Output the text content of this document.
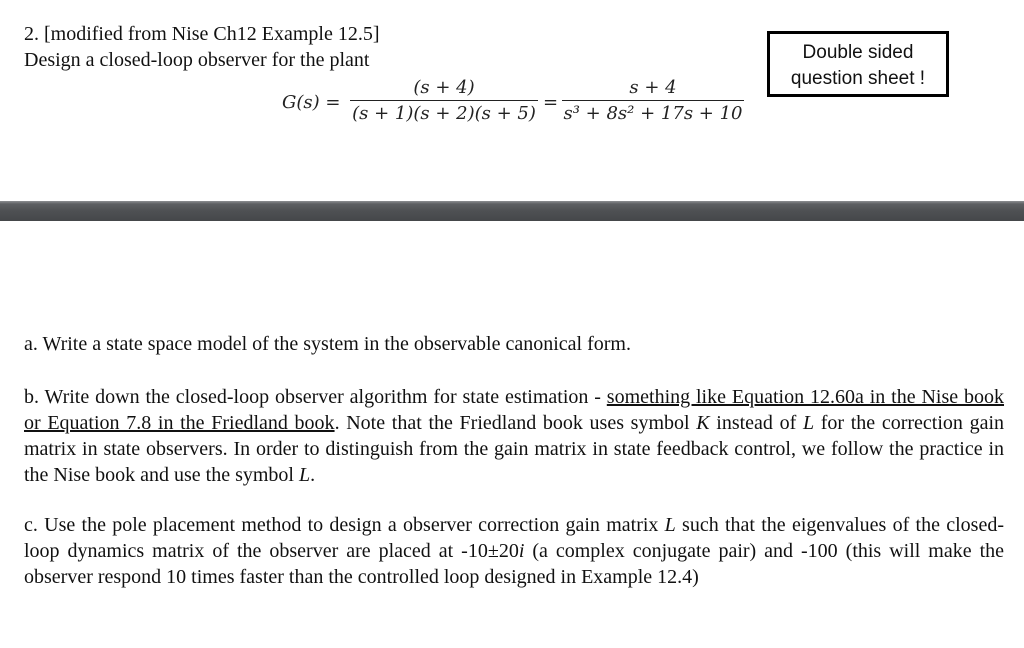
2. [modified from Nise Ch12 Example 12.5]
Design a closed-loop observer for the plant
G(s) =
(s + 4)
(s + 1)(s + 2)(s + 5)
=
s + 4
s³ + 8s² + 17s + 10
Double sided
question sheet !
a. Write a state space model of the system in the observable canonical form.
b. Write down the closed-loop observer algorithm for state estimation - something like Equation 12.60a in the Nise book or Equation 7.8 in the Friedland book. Note that the Friedland book uses symbol K instead of L for the correction gain matrix in state observers. In order to distinguish from the gain matrix in state feedback control, we follow the practice in the Nise book and use the symbol L.
c. Use the pole placement method to design a observer correction gain matrix L such that the eigenvalues of the closed-loop dynamics matrix of the observer are placed at -10±20i (a complex conjugate pair) and -100 (this will make the observer respond 10 times faster than the controlled loop designed in Example 12.4)
